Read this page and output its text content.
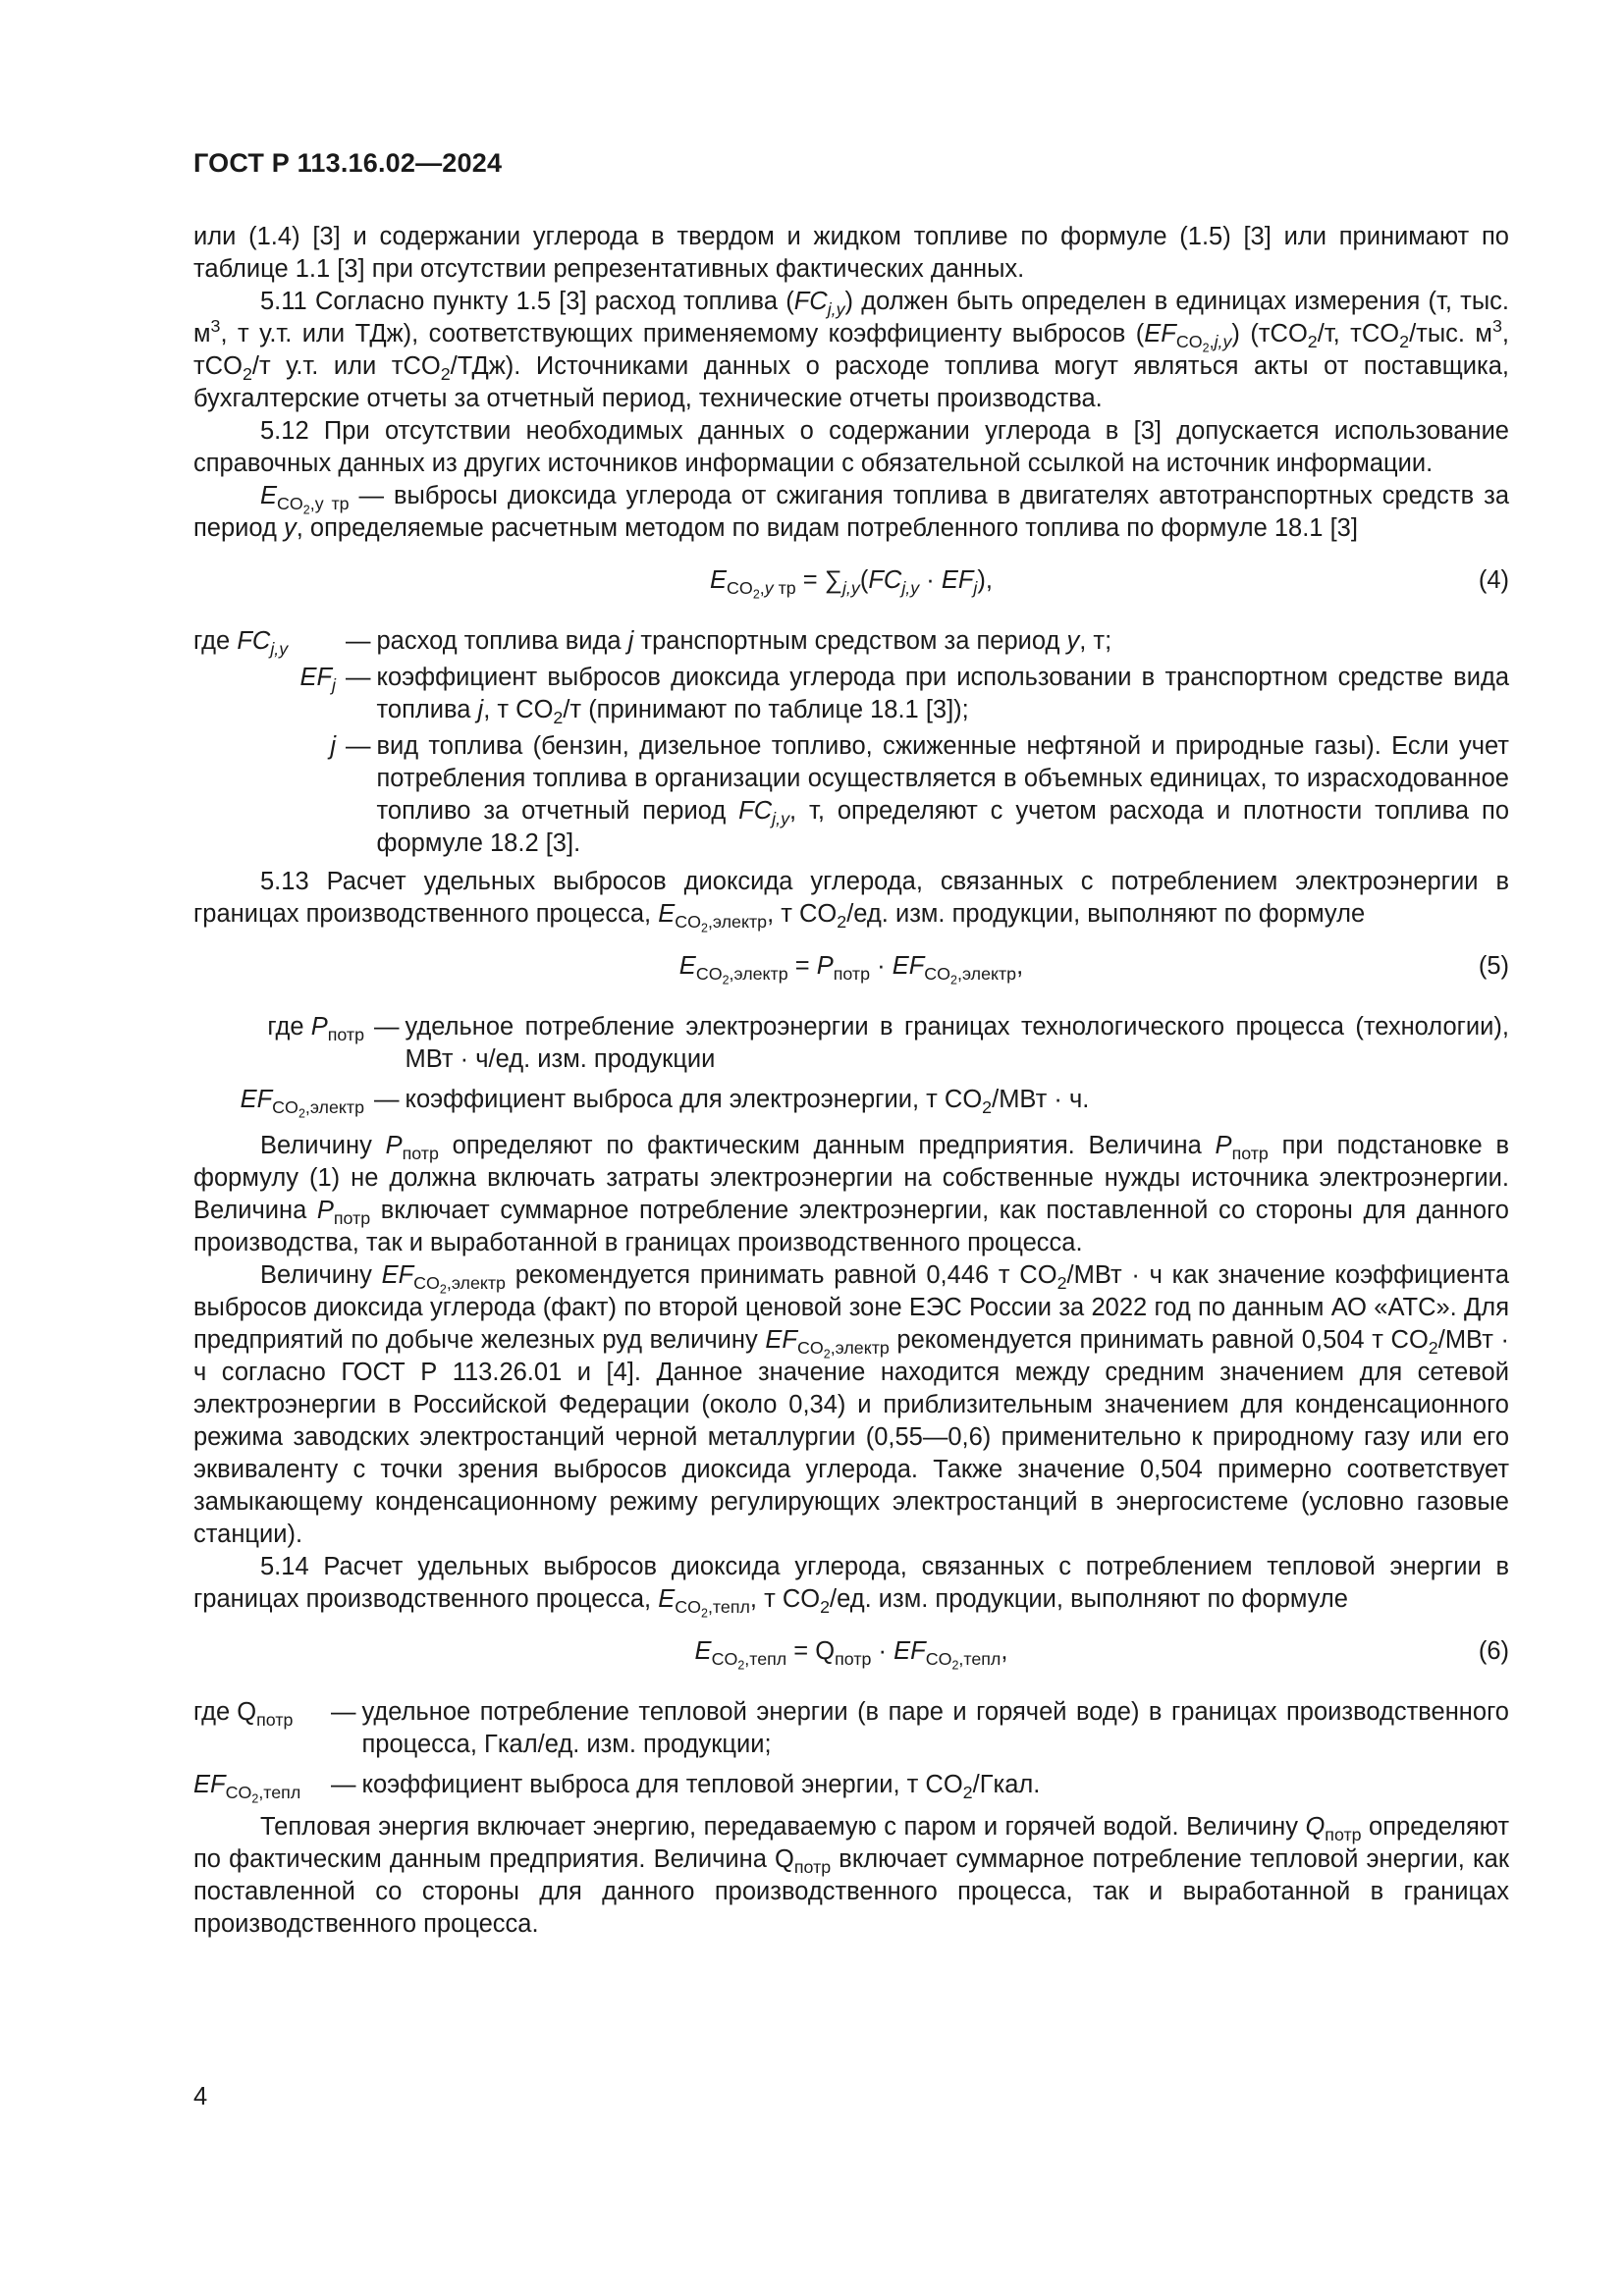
ГОСТ Р 113.16.02—2024

или (1.4) [3] и содержании углерода в твердом и жидком топливе по формуле (1.5) [3] или принимают по таблице 1.1 [3] при отсутствии репрезентативных фактических данных.

5.11 Согласно пункту 1.5 [3] расход топлива $(FC_{j,y})$ должен быть определен в единицах измерения (т, тыс. $м^3$, т у.т. или ТДж), соответствующих применяемому коэффициенту выбросов $(EF_{CO_2,j,y})$ (тCO$_2$/т, тCO$_2$/тыс. $м^3$, тCO$_2$/т у.т. или тCO$_2$/ТДж). Источниками данных о расходе топлива могут являться акты от поставщика, бухгалтерские отчеты за отчетный период, технические отчеты производства.

5.12 При отсутствии необходимых данных о содержании углерода в [3] допускается использование справочных данных из других источников информации с обязательной ссылкой на источник информации.

$E_{CO_2,y тр}$ — выбросы диоксида углерода от сжигания топлива в двигателях автотранспортных средств за период y, определяемые расчетным методом по видам потребленного топлива по формуле 18.1 [3]

$E_{CO_2,y тр} = \sum_{j,y}(FC_{j,y} \cdot EF_j)$,	(4)
где $FC_{j,y}$	— расход топлива вида j транспортным средством за период y, т;
$EF_j$ — коэффициент выбросов диоксида углерода при использовании в транспортном средстве вида топлива j, т $CO_2/т$ (принимают по таблице 18.1 [3]);
j — вид топлива (бензин, дизельное топливо, сжиженные нефтяной и природные газы). Если учет потребления топлива в организации осуществляется в объемных единицах, то израсходованное топливо за отчетный период $FC_{j,y}$, т, определяют с учетом расхода и плотности топлива по формуле 18.2 [3].

5.13 Расчет удельных выбросов диоксида углерода, связанных с потреблением электроэнергии в границах производственного процесса, $E_{CO_2,электр}$, т $CO_2/ед$. изм. продукции, выполняют по формуле

$E_{CO_2,электр} = P_{потр} \cdot EF_{CO_2,электр}$,	(5)
где $P_{потр}$ — удельное потребление электроэнергии в границах технологического процесса (технологии), МВт · ч/ед. изм. продукции
$EF_{CO_2,электр}$ — коэффициент выброса для электроэнергии, т $CO_2$/МВт · ч.

Величину $P_{потр}$ определяют по фактическим данным предприятия. Величина $P_{потр}$ при подстановке в формулу (1) не должна включать затраты электроэнергии на собственные нужды источника электроэнергии. Величина $P_{потр}$ включает суммарное потребление электроэнергии, как поставленной со стороны для данного производства, так и выработанной в границах производственного процесса.

Величину $EF_{CO_2,электр}$ рекомендуется принимать равной 0,446 т $CO_2$/МВт · ч как значение коэффициента выбросов диоксида углерода (факт) по второй ценовой зоне ЕЭС России за 2022 год по данным АО «АТС». Для предприятий по добыче железных руд величину $EF_{CO_2,электр}$ рекомендуется принимать равной 0,504 т $CO_2$/МВт · ч согласно ГОСТ Р 113.26.01 и [4]. Данное значение находится между средним значением для сетевой электроэнергии в Российской Федерации (около 0,34) и приблизительным значением для конденсационного режима заводских электростанций черной металлургии (0,55—0,6) применительно к природному газу или его эквиваленту с точки зрения выбросов диоксида углерода. Также значение 0,504 примерно соответствует замыкающему конденсационному режиму регулирующих электростанций в энергосистеме (условно газовые станции).

5.14 Расчет удельных выбросов диоксида углерода, связанных с потреблением тепловой энергии в границах производственного процесса, $E_{CO_2,тепл}$, т $CO_2/ед$. изм. продукции, выполняют по формуле

$E_{CO_2,тепл} = Q_{потр} \cdot EF_{CO_2,тепл}$,	(6)
где $Q_{потр}$	— удельное потребление тепловой энергии (в паре и горячей воде) в границах производственного процесса, Гкал/ед. изм. продукции;
$EF_{CO_2,тепл}$	— коэффициент выброса для тепловой энергии, т $CO_2$/Гкал.

Тепловая энергия включает энергию, передаваемую с паром и горячей водой. Величину $Q_{потр}$ определяют по фактическим данным предприятия. Величина $Q_{потр}$ включает суммарное потребление тепловой энергии, как поставленной со стороны для данного производственного процесса, так и выработанной в границах производственного процесса.

4
